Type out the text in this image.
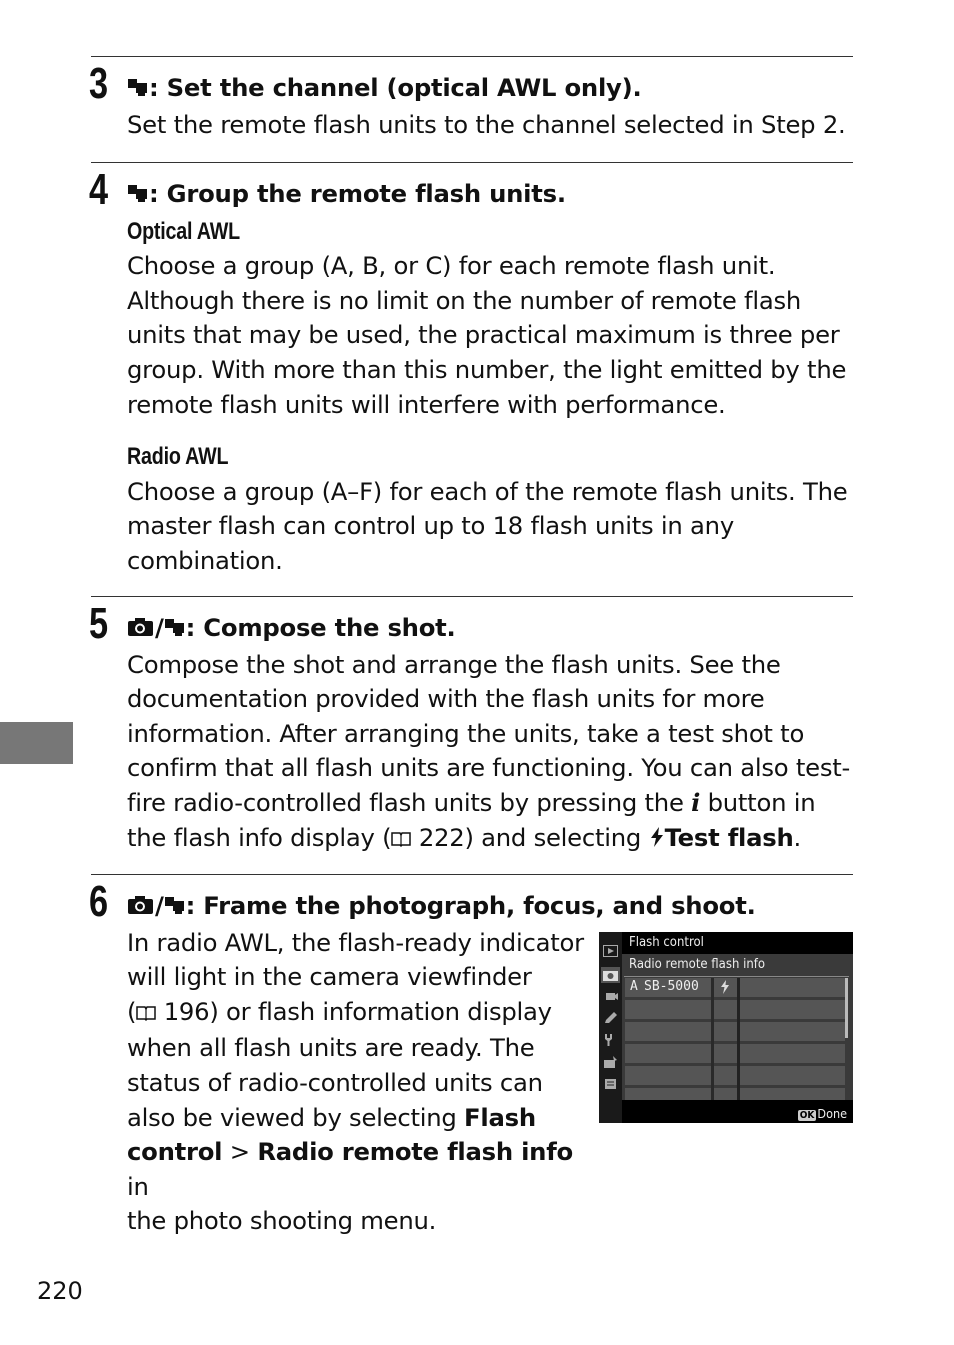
3	: Set the channel (optical AWL only).

Set the remote flash units to the channel selected in Step 2.

4	: Group the remote flash units.

Optical AWL

Choose a group (A, B, or C) for each remote flash unit.

Although there is no limit on the number of remote flash

units that may be used, the practical maximum is three per

group. With more than this number, the light emitted by the

remote flash units will interfere with performance.

Radio AWL

Choose a group (A–F) for each of the remote flash units. The

master flash can control up to 18 flash units in any

combination.

5	/ : Compose the shot.

Compose the shot and arrange the flash units. See the

documentation provided with the flash units for more

information. After arranging the units, take a test shot to

confirm that all flash units are functioning. You can also test-

fire radio-controlled flash units by pressing the i button in

the flash info display ( 222) and selecting Test flash.

6	/ : Frame the photograph, focus, and shoot.

In radio AWL, the flash-ready indicator

will light in the camera viewfinder

( 196) or flash information display

when all flash units are ready. The

status of radio-controlled units can

also be viewed by selecting Flash

control > Radio remote flash info in

the photo shooting menu.

Flash control
Radio remote flash info
A SB-5000
OK Done
220
